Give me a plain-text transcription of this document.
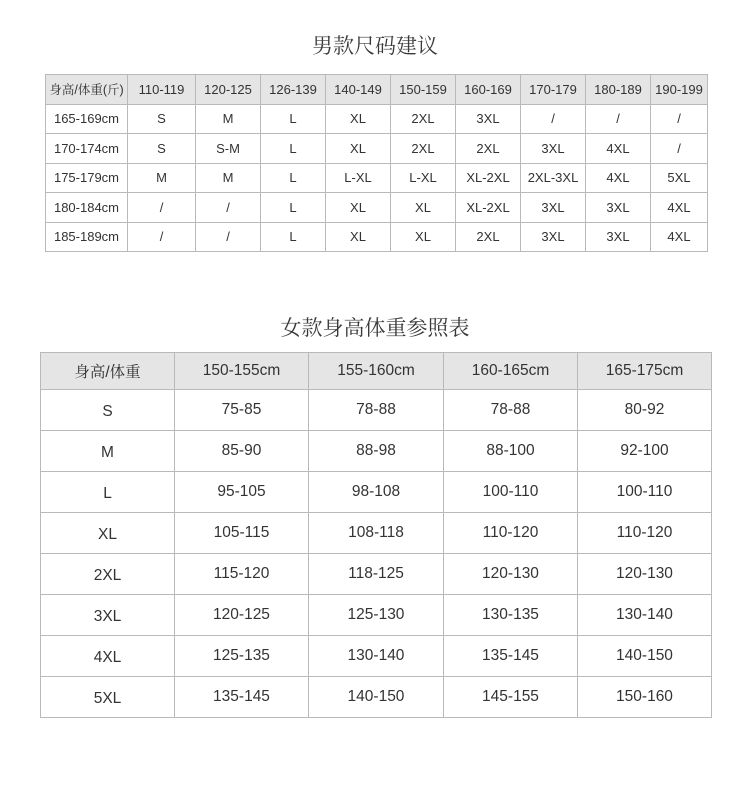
男款尺码建议
身高/体重(斤)	110-119	120-125	126-139	140-149	150-159	160-169	170-179	180-189	190-199
165-169cm	S	M	L	XL	2XL	3XL	/	/	/
170-174cm	S	S-M	L	XL	2XL	2XL	3XL	4XL	/
175-179cm	M	M	L	L-XL	L-XL	XL-2XL	2XL-3XL	4XL	5XL
180-184cm	/	/	L	XL	XL	XL-2XL	3XL	3XL	4XL
185-189cm	/	/	L	XL	XL	2XL	3XL	3XL	4XL
女款身高体重参照表
身高/体重	150-155cm	155-160cm	160-165cm	165-175cm
S	75-85	78-88	78-88	80-92
M	85-90	88-98	88-100	92-100
L	95-105	98-108	100-110	100-110
XL	105-115	108-118	110-120	110-120
2XL	115-120	118-125	120-130	120-130
3XL	120-125	125-130	130-135	130-140
4XL	125-135	130-140	135-145	140-150
5XL	135-145	140-150	145-155	150-160
